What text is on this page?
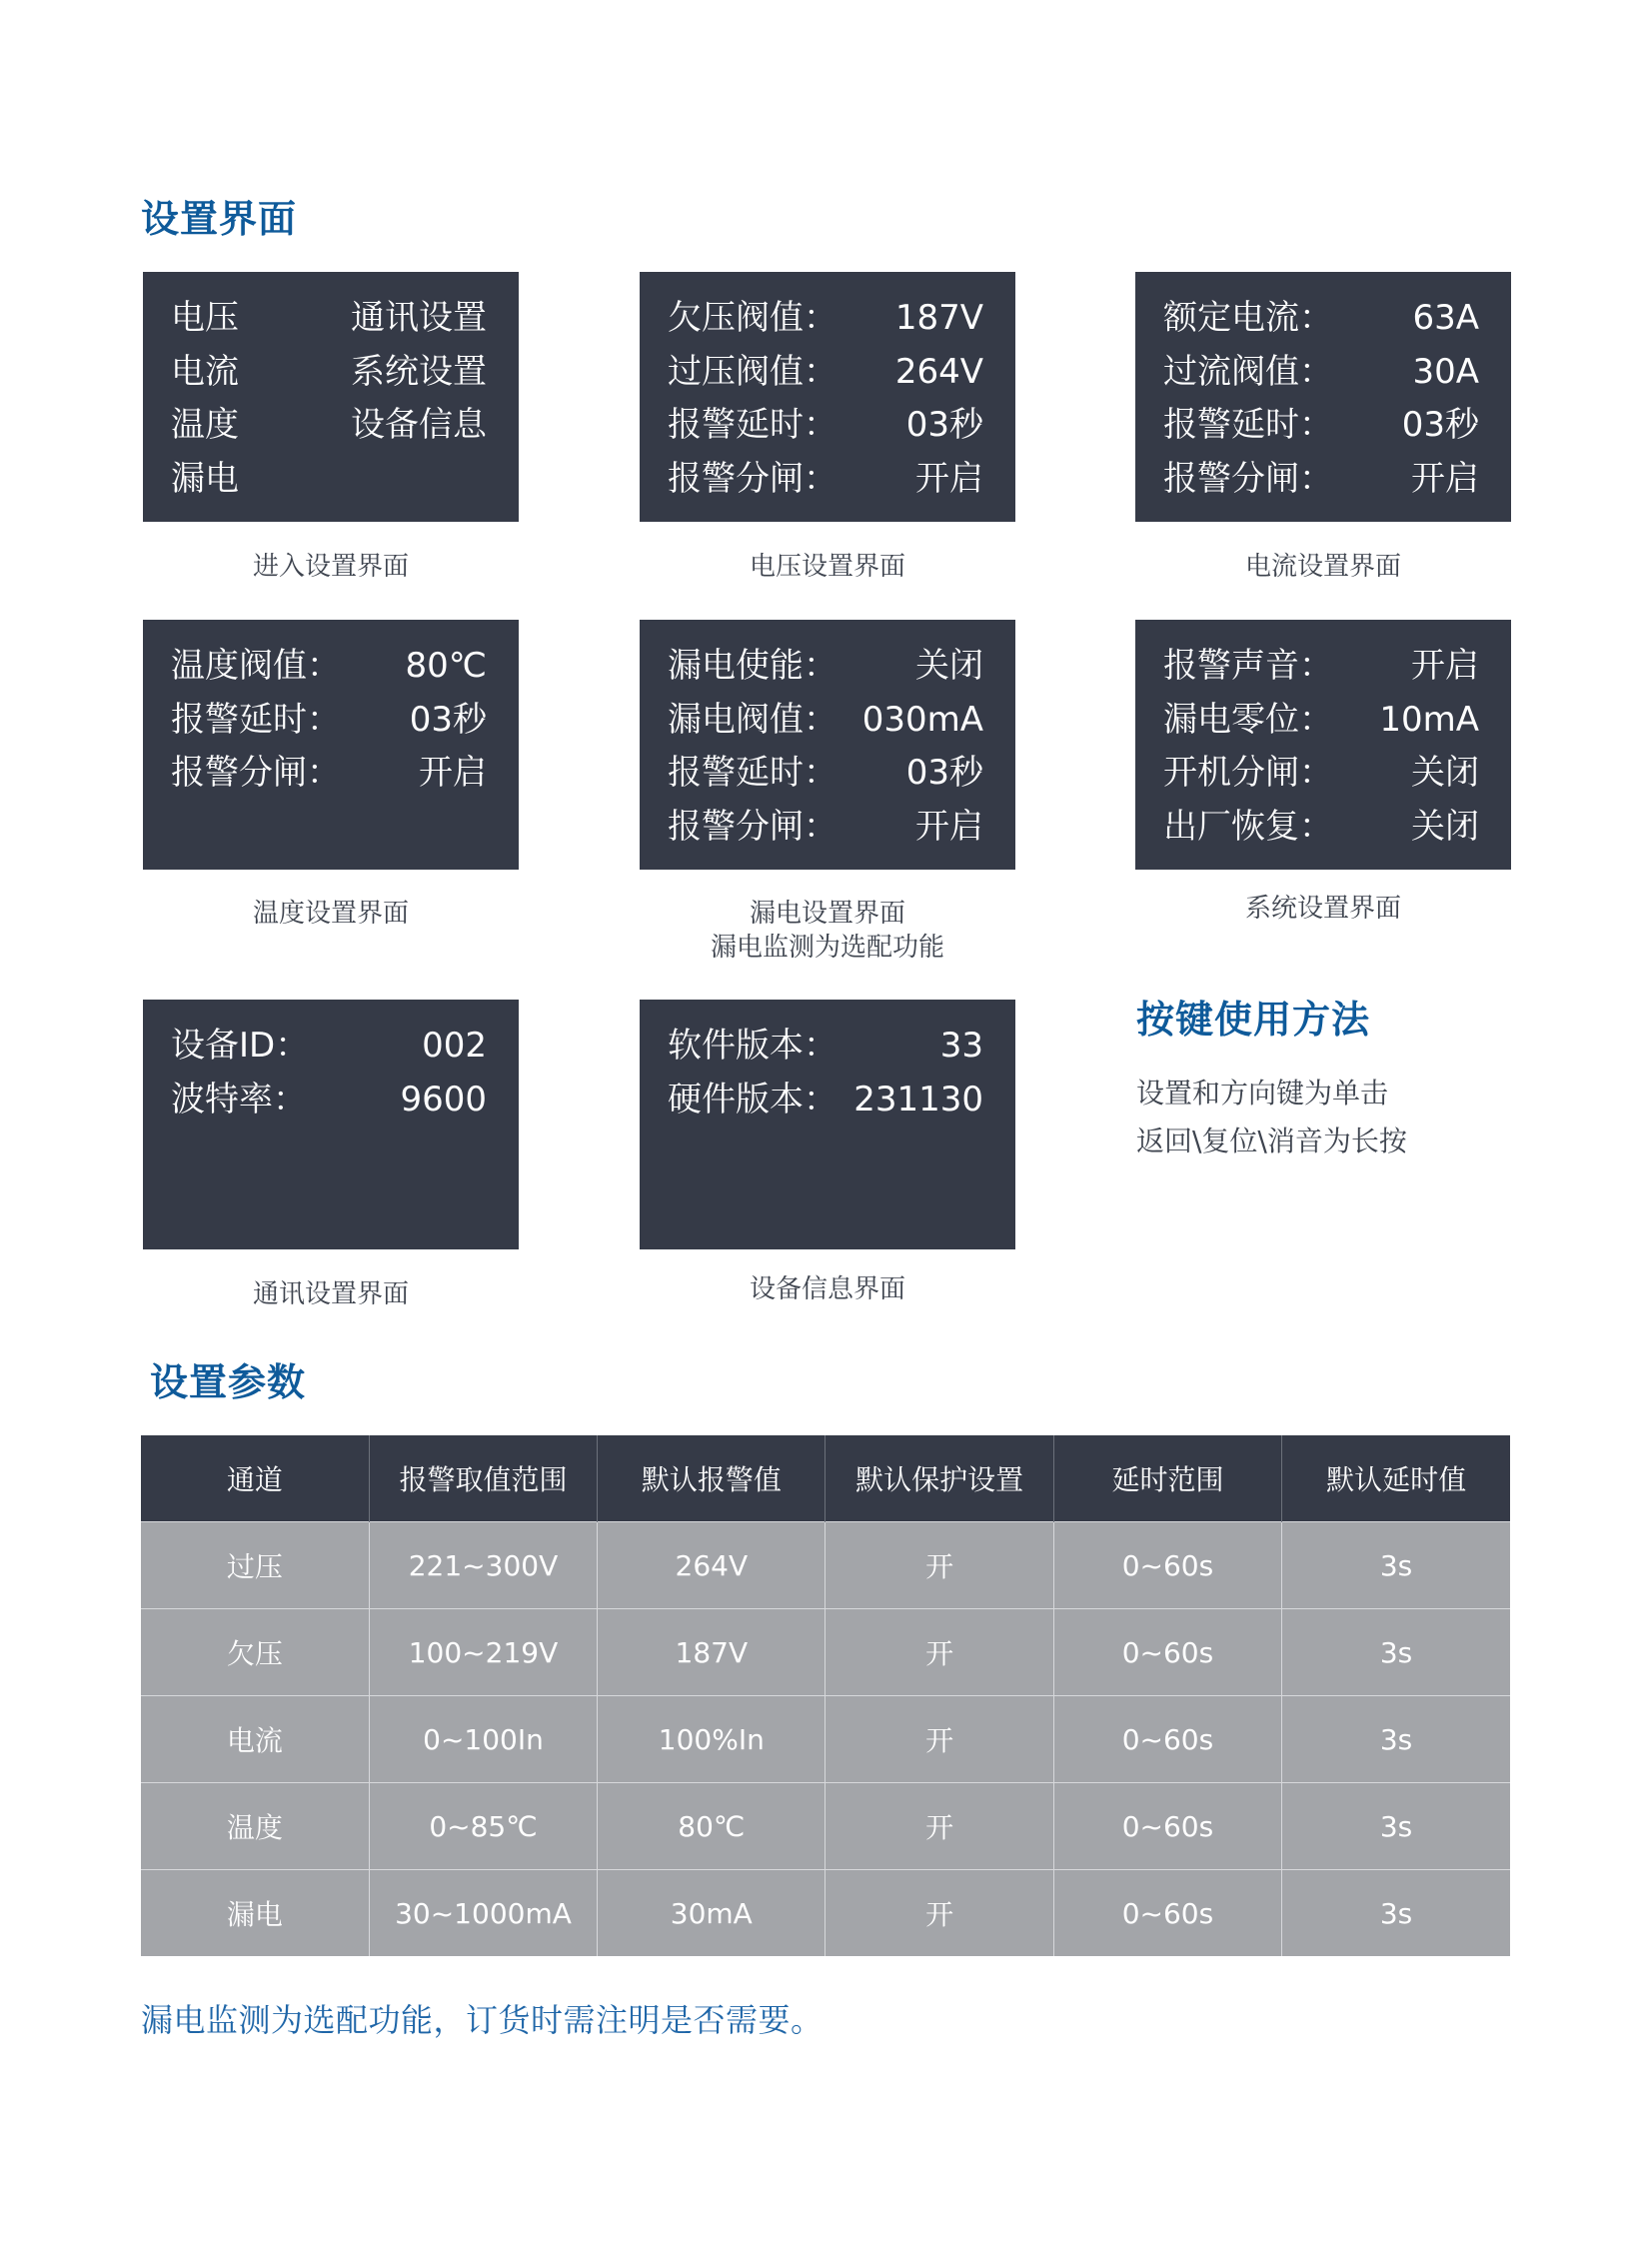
设置界面
电压	通讯设置
电流	系统设置
温度	设备信息
漏电
进入设置界面
欠压阀值： 187V
过压阀值： 264V
报警延时： 03秒
报警分闸： 开启
电压设置界面
额定电流： 63A
过流阀值： 30A
报警延时： 03秒
报警分闸： 开启
电流设置界面
温度阀值： 80℃
报警延时： 03秒
报警分闸： 开启
温度设置界面
漏电使能： 关闭
漏电阀值： 030mA
报警延时： 03秒
报警分闸： 开启
漏电设置界面
漏电监测为选配功能
报警声音： 开启
漏电零位： 10mA
开机分闸： 关闭
出厂恢复： 关闭
系统设置界面
设备ID：	002
波特率：	9600
通讯设置界面
软件版本：	33
硬件版本： 231130
设备信息界面
按键使用方法
设置和方向键为单击
返回\复位\消音为长按
设置参数
通道	报警取值范围	默认报警值	默认保护设置	延时范围	默认延时值
过压	221~300V	264V	开	0~60s	3s
欠压	100~219V	187V	开	0~60s	3s
电流	0~100In	100%In	开	0~60s	3s
温度	0~85℃	80℃	开	0~60s	3s
漏电	30~1000mA	30mA	开	0~60s	3s
漏电监测为选配功能，订货时需注明是否需要。
